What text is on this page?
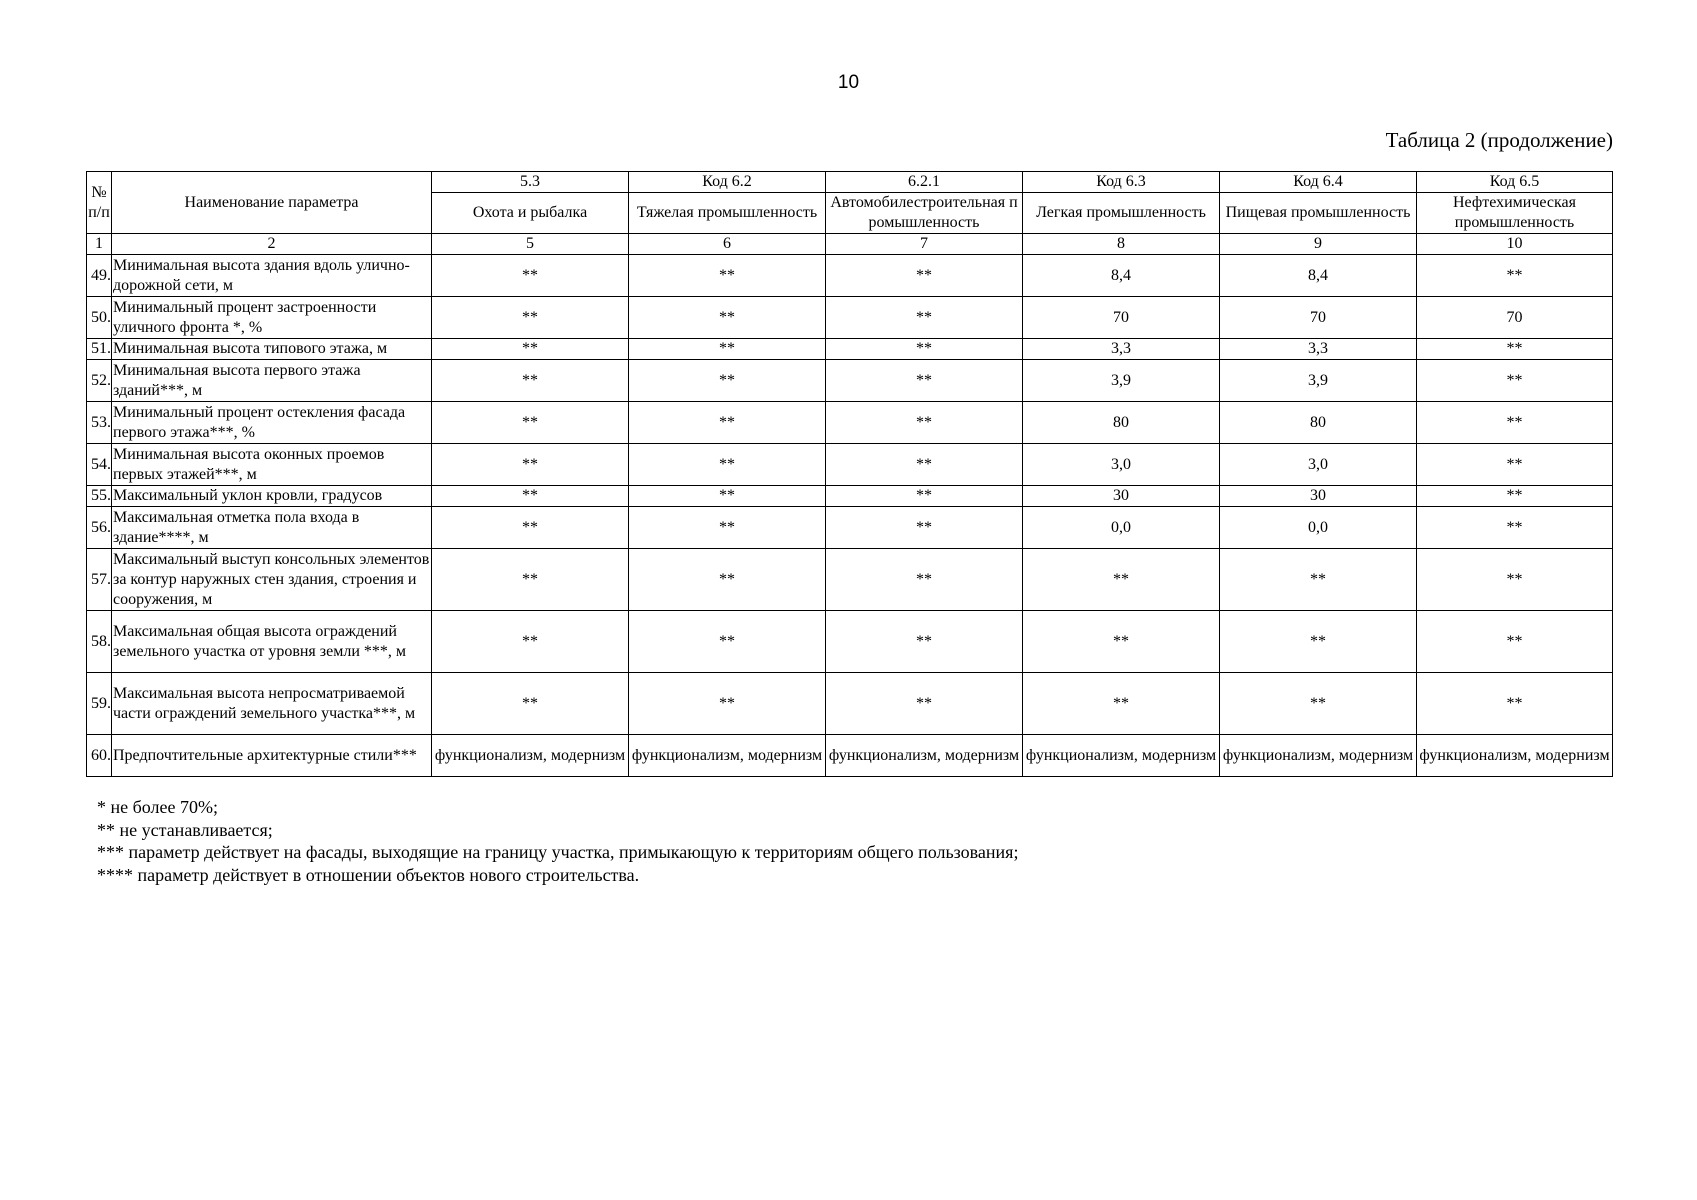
10
Таблица 2 (продолжение)
№ п/п	Наименование параметра	5.3	Код 6.2	6.2.1	Код 6.3	Код 6.4	Код 6.5
		Охота и рыбалка	Тяжелая промышленность	Автомобилестроительная промышленность	Легкая промышленность	Пищевая промышленность	Нефтехимическая промышленность
1	2	5	6	7	8	9	10
49.	Минимальная высота здания вдоль улично-дорожной сети, м	**	**	**	8,4	8,4	**
50.	Минимальный процент застроенности уличного фронта *, %	**	**	**	70	70	70
51.	Минимальная высота типового этажа, м	**	**	**	3,3	3,3	**
52.	Минимальная высота первого этажа зданий***, м	**	**	**	3,9	3,9	**
53.	Минимальный процент остекления фасада первого этажа***, %	**	**	**	80	80	**
54.	Минимальная высота оконных проемов первых этажей***, м	**	**	**	3,0	3,0	**
55.	Максимальный уклон кровли, градусов	**	**	**	30	30	**
56.	Максимальная отметка пола входа в здание****, м	**	**	**	0,0	0,0	**
57.	Максимальный выступ консольных элементов за контур наружных стен здания, строения и сооружения, м	**	**	**	**	**	**
58.	Максимальная общая высота ограждений земельного участка от уровня земли ***, м	**	**	**	**	**	**
59.	Максимальная высота непросматриваемой части ограждений земельного участка***, м	**	**	**	**	**	**
60.	Предпочтительные архитектурные стили***	функционализм, модернизм	функционализм, модернизм	функционализм, модернизм	функционализм, модернизм	функционализм, модернизм	функционализм, модернизм
* не более 70%;
** не устанавливается;
*** параметр действует на фасады, выходящие на границу участка, примыкающую к территориям общего пользования;
**** параметр действует в отношении объектов нового строительства.
